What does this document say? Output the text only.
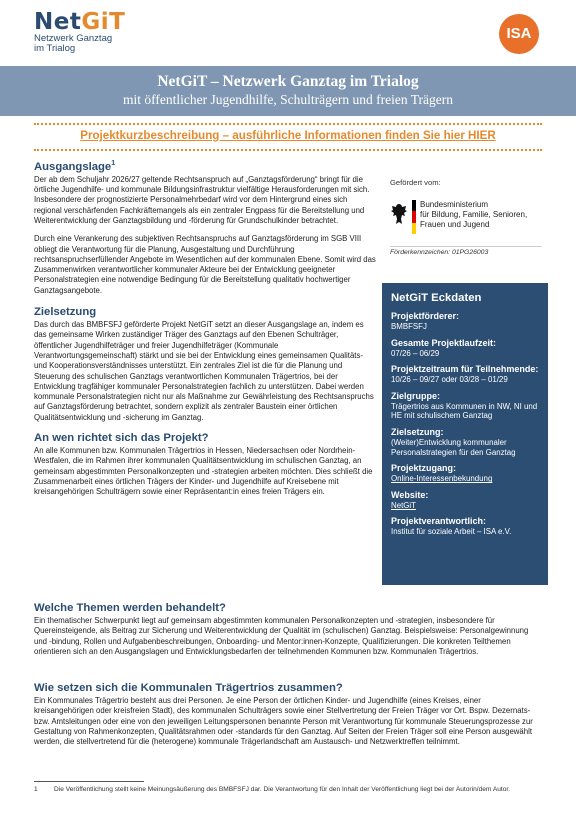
NetGiT
Netzwerk Ganztag
im Trialog
ISA
NetGiT – Netzwerk Ganztag im Trialog
mit öffentlicher Jugendhilfe, Schulträgern und freien Trägern
Projektkurzbeschreibung – ausführliche Informationen finden Sie hier HIER
Ausgangslage$^1$

Der ab dem Schuljahr 2026/27 geltende Rechtsanspruch auf „Ganztagsförderung“ bringt für die örtliche Jugendhilfe- und kommunale Bildungsinfrastruktur vielfältige Herausforderungen mit sich. Insbesondere der prognostizierte Personalmehrbedarf wird vor dem Hintergrund eines sich regional verschärfenden Fachkräftemangels als ein zentraler Engpass für die Bereitstellung und Weiterentwicklung der Ganztagsbildung und -förderung für Grundschulkinder betrachtet.

Durch eine Verankerung des subjektiven Rechtsanspruchs auf Ganztagsförderung im SGB VIII obliegt die Verantwortung für die Planung, Ausgestaltung und Durchführung rechtsanspruchserfüllender Angebote im Wesentlichen auf der kommunalen Ebene. Somit wird das Zusammenwirken verantwortlicher kommunaler Akteure bei der Entwicklung geeigneter Personalstrategien eine notwendige Bedingung für die Bereitstellung qualitativ hochwertiger Ganztagsangebote.

Zielsetzung

Das durch das BMBFSFJ geförderte Projekt NetGiT setzt an dieser Ausgangslage an, indem es das gemeinsame Wirken zuständiger Träger des Ganztags auf den Ebenen Schulträger, öffentlicher Jugendhilfeträger und freier Jugendhilfeträger (Kommunale Verantwortungsgemeinschaft) stärkt und sie bei der Entwicklung eines gemeinsamen Qualitäts- und Kooperationsverständnisses unterstützt. Ein zentrales Ziel ist die für die Planung und Steuerung des schulischen Ganztags verantwortlichen Kommunalen Trägertrios, bei der Entwicklung tragfähiger kommunaler Personalstrategien fachlich zu unterstützen. Dabei werden kommunale Personalstrategien nicht nur als Maßnahme zur Gewährleistung des Rechtsanspruchs auf Ganztagsförderung betrachtet, sondern explizit als zentraler Baustein einer örtlichen Qualitätsentwicklung und -sicherung im Ganztag.

An wen richtet sich das Projekt?

An alle Kommunen bzw. Kommunalen Trägertrios in Hessen, Niedersachsen oder Nordrhein-Westfalen, die im Rahmen ihrer kommunalen Qualitätsentwicklung im schulischen Ganztag, an gemeinsam abgestimmten Personalkonzepten und -strategien arbeiten möchten. Dies schließt die Zusammenarbeit eines örtlichen Trägers der Kinder- und Jugendhilfe auf Kreisebene mit kreisangehörigen Schulträgern sowie einer Repräsentant:in eines freien Trägers ein.

Gefördert vom:
Bundesministerium
für Bildung, Familie, Senioren,
Frauen und Jugend
Förderkennzeichen: 01PG26003
NetGiT Eckdaten
Projektförderer:
BMBFSFJ
Gesamte Projektlaufzeit:
07/26 – 06/29
Projektzeitraum für Teilnehmende:
10/26 – 09/27 oder 03/28 – 01/29
Zielgruppe:
Trägertrios aus Kommunen in NW, NI und HE mit schulischem Ganztag
Zielsetzung:
(Weiter)Entwicklung kommunaler Personalstrategien für den Ganztag
Projektzugang:
Online-Interessenbekundung
Website:
NetGiT
Projektverantwortlich:
Institut für soziale Arbeit – ISA e.V.
Welche Themen werden behandelt?

Ein thematischer Schwerpunkt liegt auf gemeinsam abgestimmten kommunalen Personalkonzepten und -strategien, insbesondere für Quereinsteigende, als Beitrag zur Sicherung und Weiterentwicklung der Qualität im (schulischen) Ganztag. Beispielsweise: Personalgewinnung und -bindung, Rollen und Aufgabenbeschreibungen, Onboarding- und Mentor:innen-Konzepte, Qualifizierungen. Die konkreten Teilthemen orientieren sich an den Ausgangslagen und Entwicklungsbedarfen der teilnehmenden Kommunen bzw. Kommunalen Trägertrios.

Wie setzen sich die Kommunalen Trägertrios zusammen?

Ein Kommunales Trägertrio besteht aus drei Personen. Je eine Person der örtlichen Kinder- und Jugendhilfe (eines Kreises, einer kreisangehörigen oder kreisfreien Stadt), des kommunalen Schulträgers sowie einer Stellvertretung der Freien Träger vor Ort. Bspw. Dezernats- bzw. Amtsleitungen oder eine von den jeweiligen Leitungspersonen benannte Person mit Verantwortung für kommunale Steuerungsprozesse zur Gestaltung von Rahmenkonzepten, Qualitätsrahmen oder -standards für den Ganztag. Auf Seiten der Freien Träger soll eine Person ausgewählt werden, die stellvertretend für die (heterogene) kommunale Trägerlandschaft am Austausch- und Netzwerktreffen teilnimmt.

1 Die Veröffentlichung stellt keine Meinungsäußerung des BMBFSFJ dar. Die Verantwortung für den Inhalt der Veröffentlichung liegt bei der Autorin/dem Autor.
